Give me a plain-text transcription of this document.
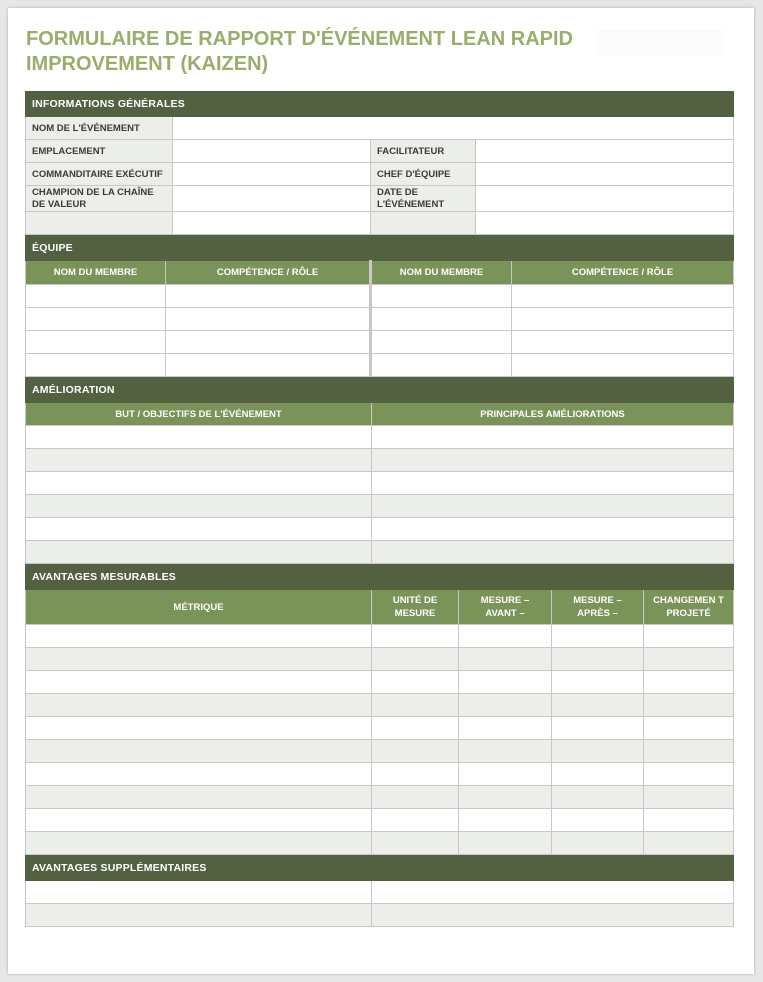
FORMULAIRE DE RAPPORT D'ÉVÉNEMENT LEAN RAPID
IMPROVEMENT (KAIZEN)
INFORMATIONS GÉNÉRALES			
NOM DE L'ÉVÉNEMENT			
EMPLACEMENT		FACILITATEUR	
COMMANDITAIRE EXÉCUTIF		CHEF D'ÉQUIPE	
CHAMPION DE LA CHAÎNE DE VALEUR		DATE DE L'ÉVÉNEMENT	

ÉQUIPE			
NOM DU MEMBRE	COMPÉTENCE / RÔLE	NOM DU MEMBRE	COMPÉTENCE / RÔLE

AMÉLIORATION	
BUT / OBJECTIFS DE L'ÉVÉNEMENT	PRINCIPALES AMÉLIORATIONS

AVANTAGES MESURABLES				
MÉTRIQUE	UNITÉ DE MESURE	MESURE – AVANT –	MESURE – APRÈS –	CHANGEMEN T PROJETÉ

AVANTAGES SUPPLÉMENTAIRES	
